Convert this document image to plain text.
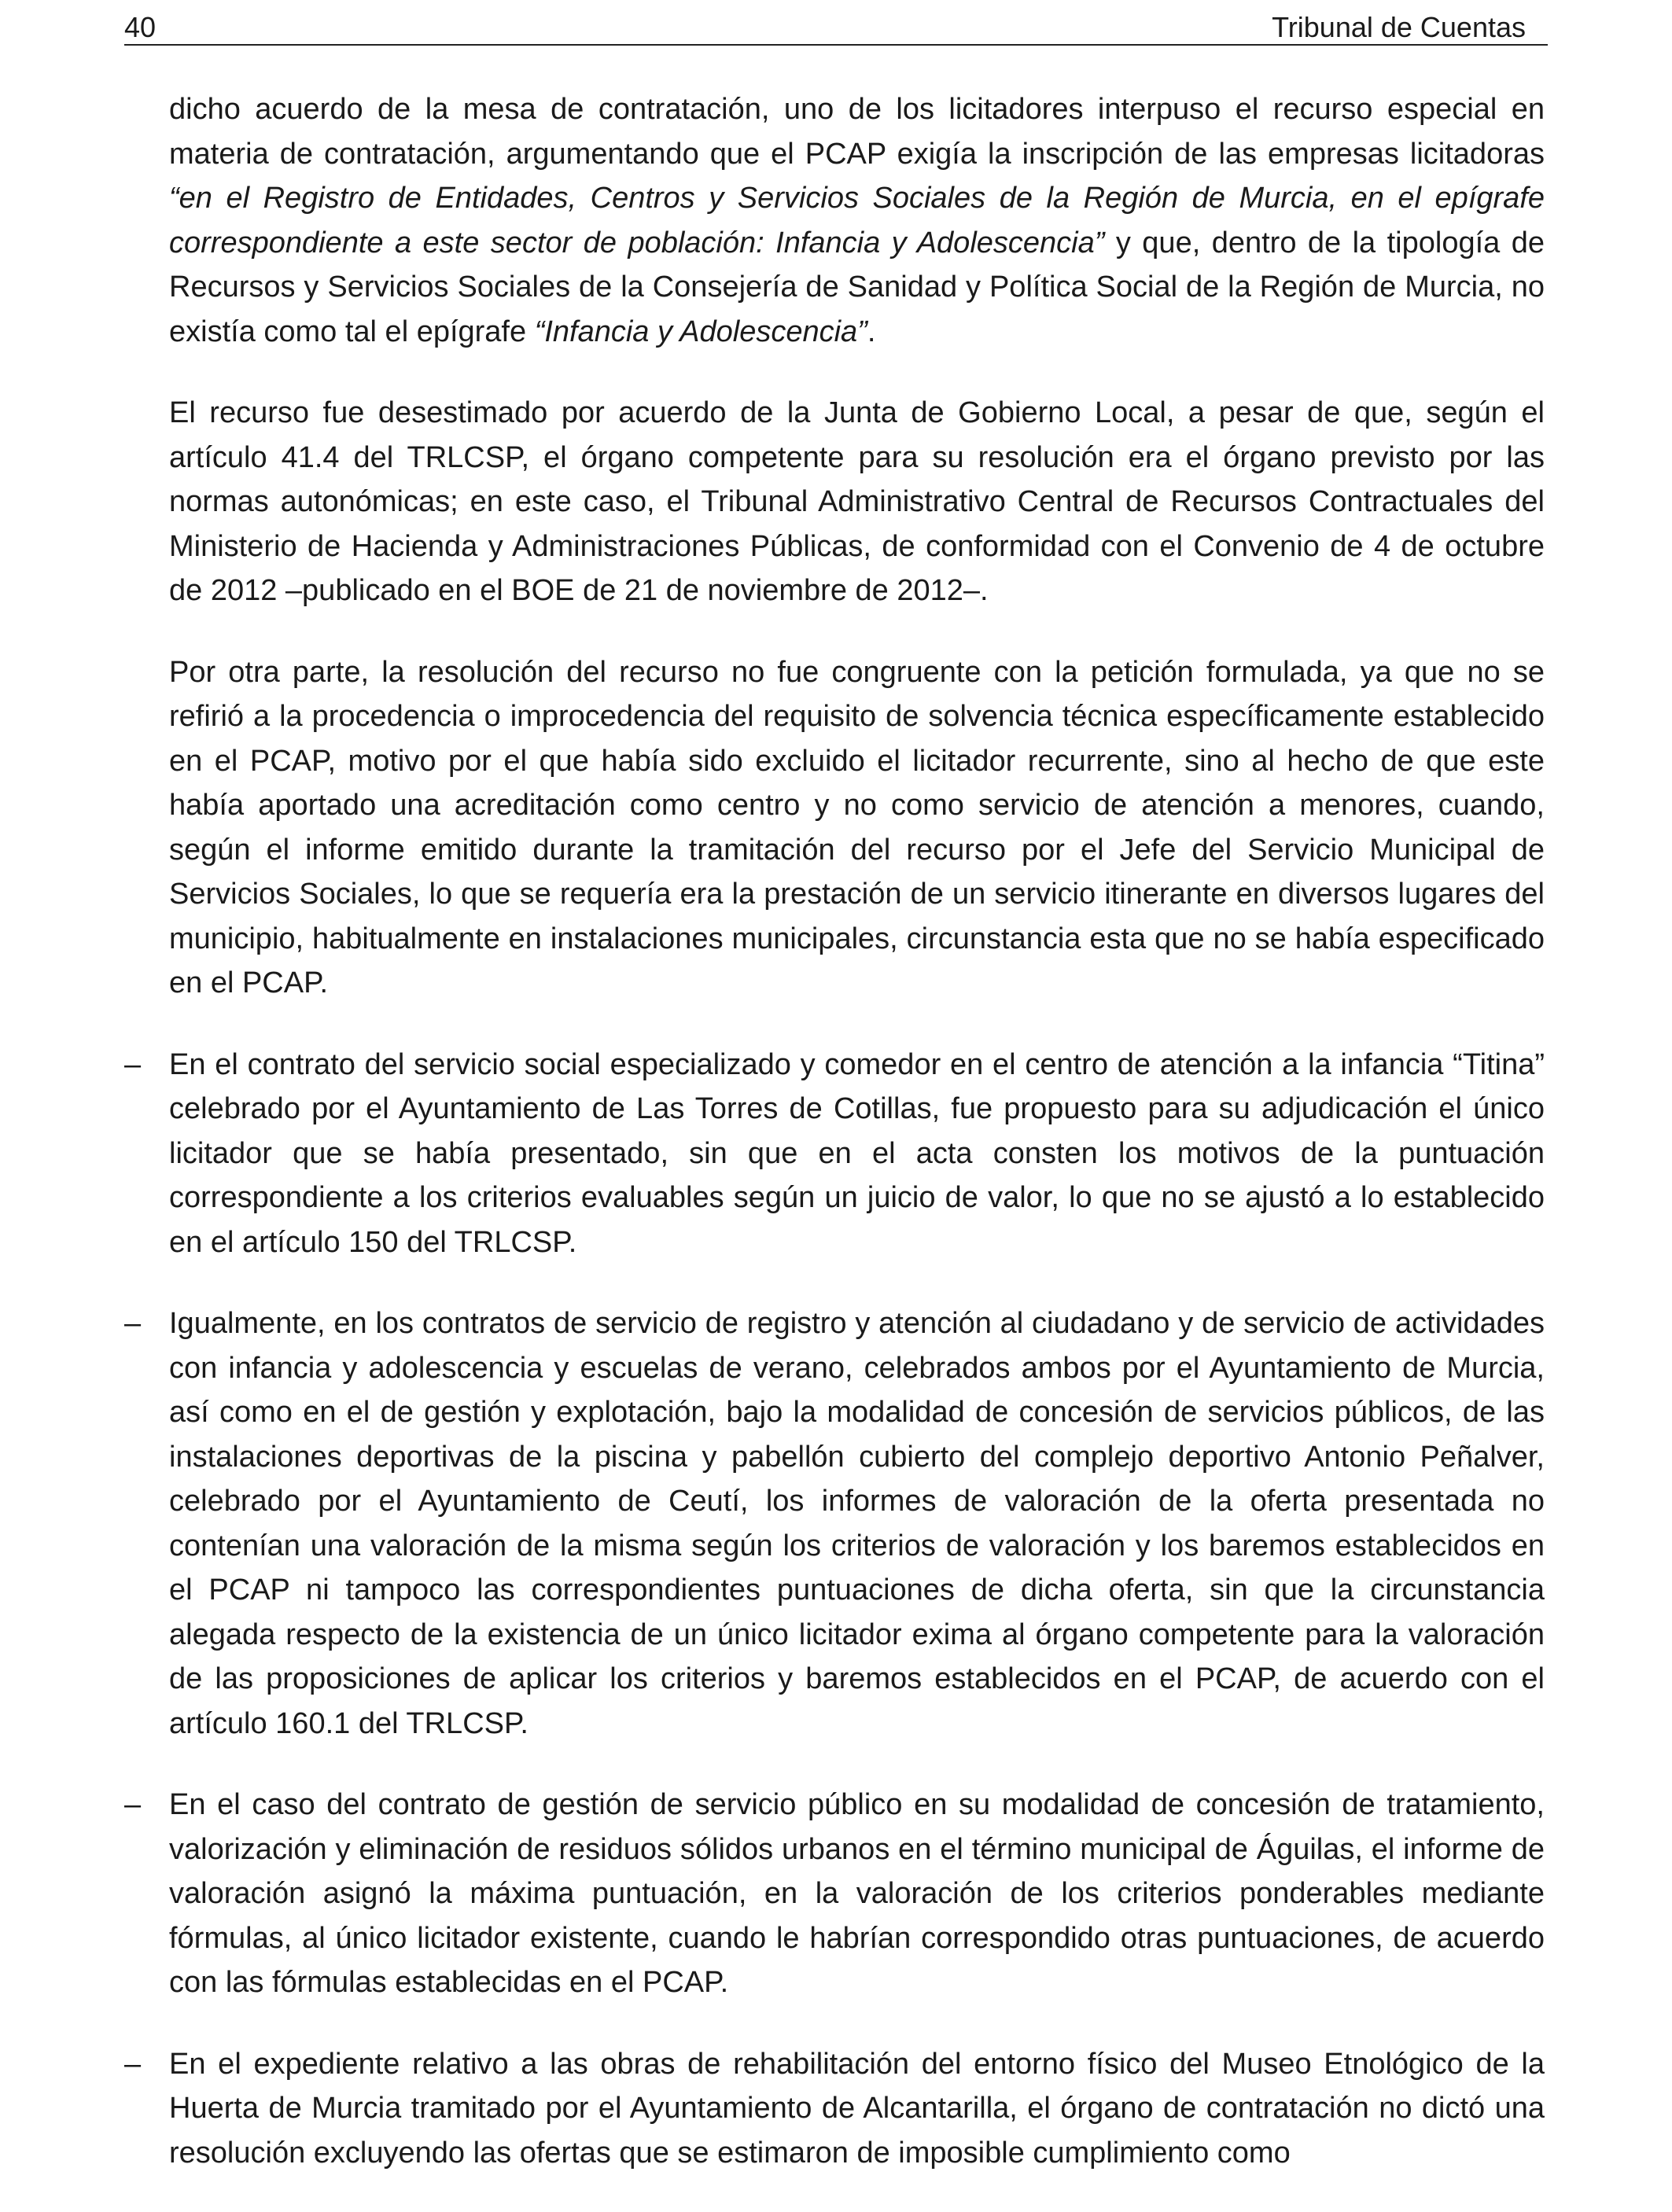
40	Tribunal de Cuentas

dicho acuerdo de la mesa de contratación, uno de los licitadores interpuso el recurso especial en materia de contratación, argumentando que el PCAP exigía la inscripción de las empresas licitadoras “en el Registro de Entidades, Centros y Servicios Sociales de la Región de Murcia, en el epígrafe correspondiente a este sector de población: Infancia y Adolescencia” y que, dentro de la tipología de Recursos y Servicios Sociales de la Consejería de Sanidad y Política Social de la Región de Murcia, no existía como tal el epígrafe “Infancia y Adolescencia”.

El recurso fue desestimado por acuerdo de la Junta de Gobierno Local, a pesar de que, según el artículo 41.4 del TRLCSP, el órgano competente para su resolución era el órgano previsto por las normas autonómicas; en este caso, el Tribunal Administrativo Central de Recursos Contractuales del Ministerio de Hacienda y Administraciones Públicas, de conformidad con el Convenio de 4 de octubre de 2012 –publicado en el BOE de 21 de noviembre de 2012–.

Por otra parte, la resolución del recurso no fue congruente con la petición formulada, ya que no se refirió a la procedencia o improcedencia del requisito de solvencia técnica específicamente establecido en el PCAP, motivo por el que había sido excluido el licitador recurrente, sino al hecho de que este había aportado una acreditación como centro y no como servicio de atención a menores, cuando, según el informe emitido durante la tramitación del recurso por el Jefe del Servicio Municipal de Servicios Sociales, lo que se requería era la prestación de un servicio itinerante en diversos lugares del municipio, habitualmente en instalaciones municipales, circunstancia esta que no se había especificado en el PCAP.

– En el contrato del servicio social especializado y comedor en el centro de atención a la infancia “Titina” celebrado por el Ayuntamiento de Las Torres de Cotillas, fue propuesto para su adjudicación el único licitador que se había presentado, sin que en el acta consten los motivos de la puntuación correspondiente a los criterios evaluables según un juicio de valor, lo que no se ajustó a lo establecido en el artículo 150 del TRLCSP.
– Igualmente, en los contratos de servicio de registro y atención al ciudadano y de servicio de actividades con infancia y adolescencia y escuelas de verano, celebrados ambos por el Ayuntamiento de Murcia, así como en el de gestión y explotación, bajo la modalidad de concesión de servicios públicos, de las instalaciones deportivas de la piscina y pabellón cubierto del complejo deportivo Antonio Peñalver, celebrado por el Ayuntamiento de Ceutí, los informes de valoración de la oferta presentada no contenían una valoración de la misma según los criterios de valoración y los baremos establecidos en el PCAP ni tampoco las correspondientes puntuaciones de dicha oferta, sin que la circunstancia alegada respecto de la existencia de un único licitador exima al órgano competente para la valoración de las proposiciones de aplicar los criterios y baremos establecidos en el PCAP, de acuerdo con el artículo 160.1 del TRLCSP.
– En el caso del contrato de gestión de servicio público en su modalidad de concesión de tratamiento, valorización y eliminación de residuos sólidos urbanos en el término municipal de Águilas, el informe de valoración asignó la máxima puntuación, en la valoración de los criterios ponderables mediante fórmulas, al único licitador existente, cuando le habrían correspondido otras puntuaciones, de acuerdo con las fórmulas establecidas en el PCAP.
– En el expediente relativo a las obras de rehabilitación del entorno físico del Museo Etnológico de la Huerta de Murcia tramitado por el Ayuntamiento de Alcantarilla, el órgano de contratación no dictó una resolución excluyendo las ofertas que se estimaron de imposible cumplimiento como
